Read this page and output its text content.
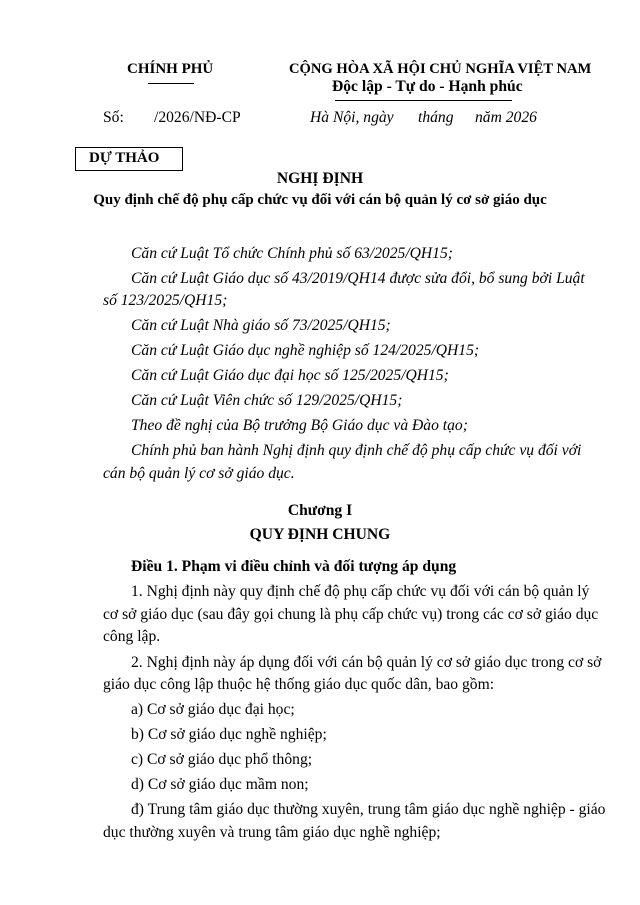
CHÍNH PHỦ	CỘNG HÒA XÃ HỘI CHỦ NGHĨA VIỆT NAM
Độc lập - Tự do - Hạnh phúc
Số: /2026/NĐ-CP	Hà Nội, ngày tháng năm 2026
DỰ THẢO
NGHỊ ĐỊNH
Quy định chế độ phụ cấp chức vụ đối với cán bộ quản lý cơ sở giáo dục
Căn cứ Luật Tổ chức Chính phủ số 63/2025/QH15;
Căn cứ Luật Giáo dục số 43/2019/QH14 được sửa đổi, bổ sung bởi Luật
số 123/2025/QH15;
Căn cứ Luật Nhà giáo số 73/2025/QH15;
Căn cứ Luật Giáo dục nghề nghiệp số 124/2025/QH15;
Căn cứ Luật Giáo dục đại học số 125/2025/QH15;
Căn cứ Luật Viên chức số 129/2025/QH15;
Theo đề nghị của Bộ trưởng Bộ Giáo dục và Đào tạo;
Chính phủ ban hành Nghị định quy định chế độ phụ cấp chức vụ đối với
cán bộ quản lý cơ sở giáo dục.
Chương I
QUY ĐỊNH CHUNG
Điều 1. Phạm vi điều chỉnh và đối tượng áp dụng
1. Nghị định này quy định chế độ phụ cấp chức vụ đối với cán bộ quản lý
cơ sở giáo dục (sau đây gọi chung là phụ cấp chức vụ) trong các cơ sở giáo dục
công lập.
2. Nghị định này áp dụng đối với cán bộ quản lý cơ sở giáo dục trong cơ sở
giáo dục công lập thuộc hệ thống giáo dục quốc dân, bao gồm:
a) Cơ sở giáo dục đại học;
b) Cơ sở giáo dục nghề nghiệp;
c) Cơ sở giáo dục phổ thông;
d) Cơ sở giáo dục mầm non;
đ) Trung tâm giáo dục thường xuyên, trung tâm giáo dục nghề nghiệp - giáo
dục thường xuyên và trung tâm giáo dục nghề nghiệp;
